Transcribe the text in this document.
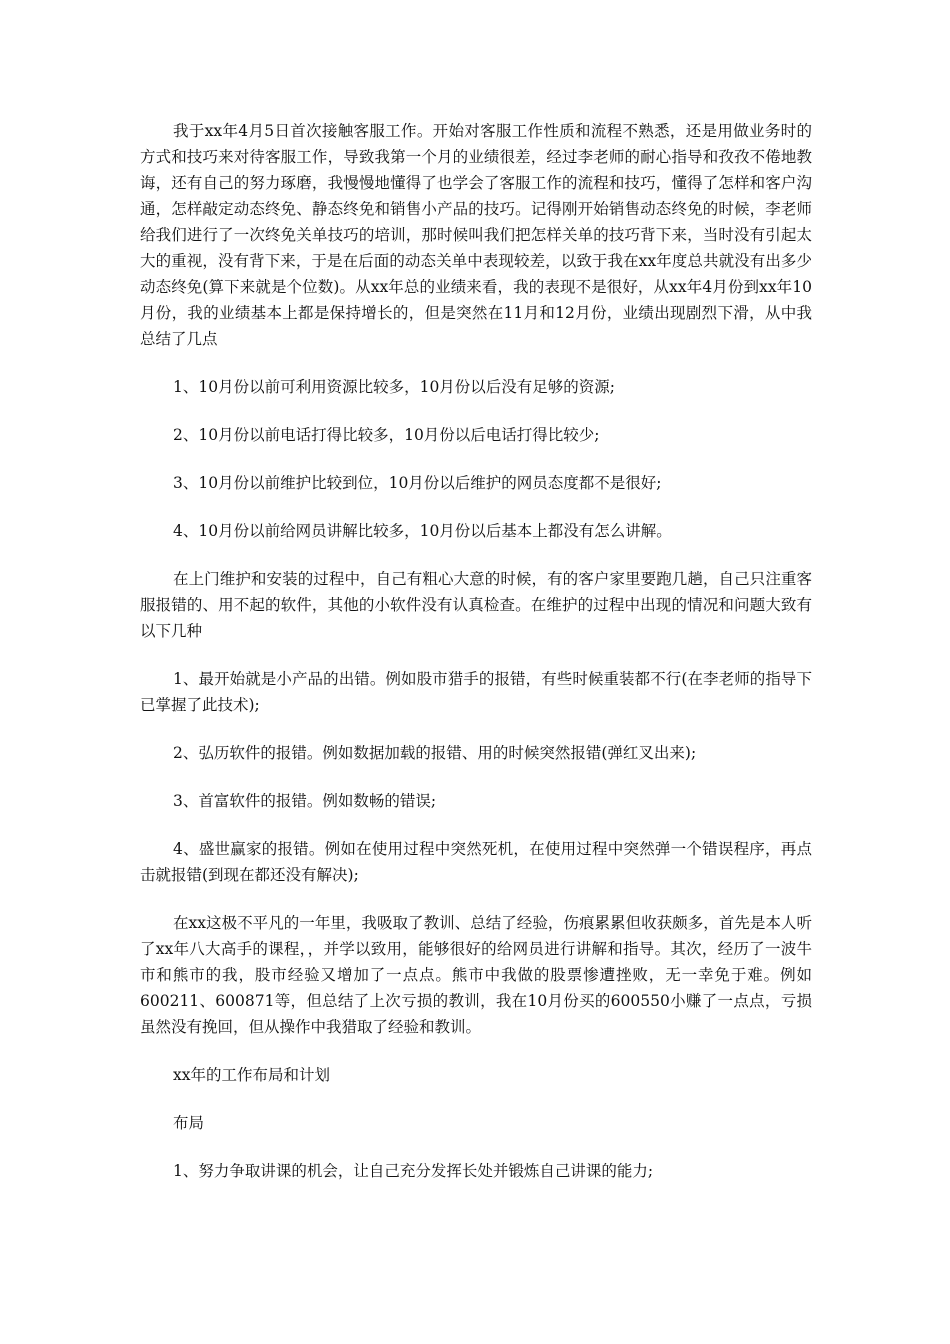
我于xx年4月5日首次接触客服工作。开始对客服工作性质和流程不熟悉，还是用做业务时的方式和技巧来对待客服工作，导致我第一个月的业绩很差，经过李老师的耐心指导和孜孜不倦地教诲，还有自己的努力琢磨，我慢慢地懂得了也学会了客服工作的流程和技巧，懂得了怎样和客户沟通，怎样敲定动态终免、静态终免和销售小产品的技巧。记得刚开始销售动态终免的时候，李老师给我们进行了一次终免关单技巧的培训，那时候叫我们把怎样关单的技巧背下来，当时没有引起太大的重视，没有背下来，于是在后面的动态关单中表现较差，以致于我在xx年度总共就没有出多少动态终免(算下来就是个位数)。从xx年总的业绩来看，我的表现不是很好，从xx年4月份到xx年10月份，我的业绩基本上都是保持增长的，但是突然在11月和12月份，业绩出现剧烈下滑，从中我总结了几点

1、10月份以前可利用资源比较多，10月份以后没有足够的资源;

2、10月份以前电话打得比较多，10月份以后电话打得比较少;

3、10月份以前维护比较到位，10月份以后维护的网员态度都不是很好;

4、10月份以前给网员讲解比较多，10月份以后基本上都没有怎么讲解。

在上门维护和安装的过程中，自己有粗心大意的时候，有的客户家里要跑几趟，自己只注重客服报错的、用不起的软件，其他的小软件没有认真检查。在维护的过程中出现的情况和问题大致有以下几种

1、最开始就是小产品的出错。例如股市猎手的报错，有些时候重装都不行(在李老师的指导下已掌握了此技术);

2、弘历软件的报错。例如数据加载的报错、用的时候突然报错(弹红叉出来);

3、首富软件的报错。例如数畅的错误;

4、盛世赢家的报错。例如在使用过程中突然死机，在使用过程中突然弹一个错误程序，再点击就报错(到现在都还没有解决);

在xx这极不平凡的一年里，我吸取了教训、总结了经验，伤痕累累但收获颇多，首先是本人听了xx年八大高手的课程，，并学以致用，能够很好的给网员进行讲解和指导。其次，经历了一波牛市和熊市的我，股市经验又增加了一点点。熊市中我做的股票惨遭挫败，无一幸免于难。例如600211、600871等，但总结了上次亏损的教训，我在10月份买的600550小赚了一点点，亏损虽然没有挽回，但从操作中我猎取了经验和教训。

xx年的工作布局和计划

布局

1、努力争取讲课的机会，让自己充分发挥长处并锻炼自己讲课的能力;
